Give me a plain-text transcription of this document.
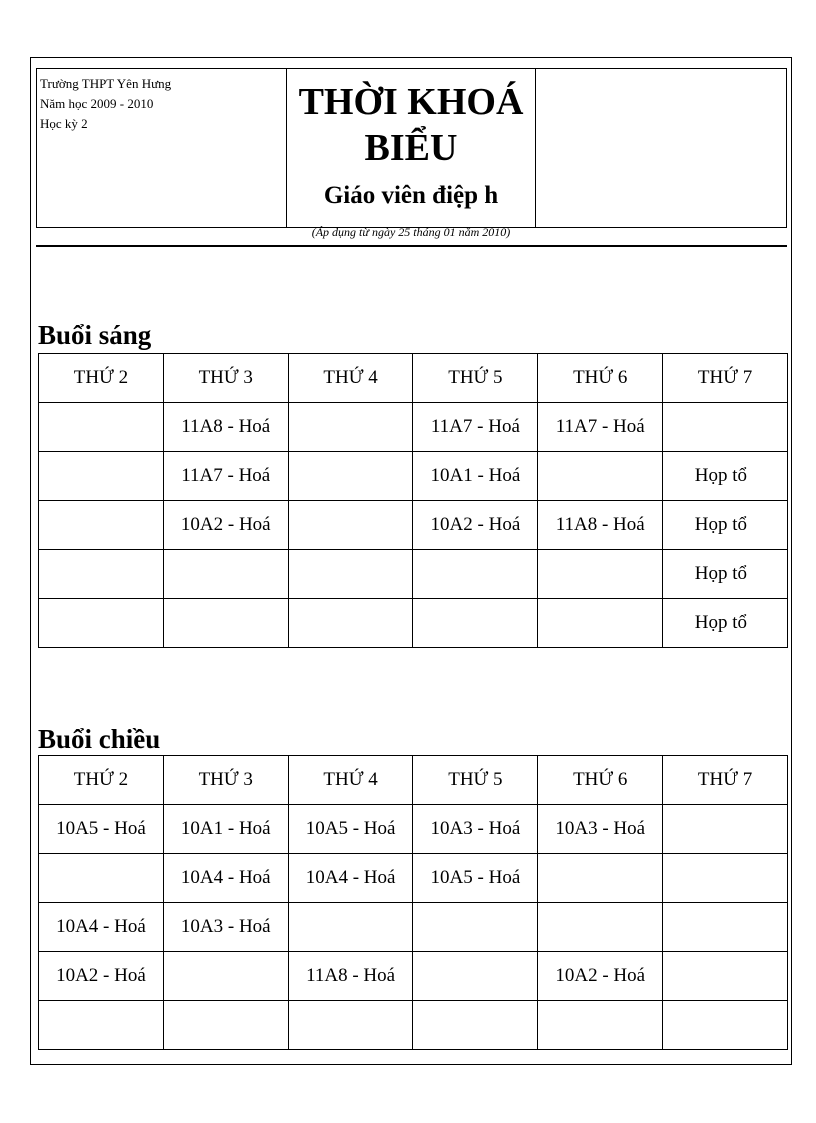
Trường THPT Yên Hưng
Năm học 2009 - 2010
Học kỳ 2
THỜI KHOÁ BIỂU
Giáo viên điệp h
(Áp dụng từ ngày 25 tháng 01 năm 2010)
Buổi sáng
THỨ 2	THỨ 3	THỨ 4	THỨ 5	THỨ 6	THỨ 7
	11A8 - Hoá		11A7 - Hoá	11A7 - Hoá	
	11A7 - Hoá		10A1 - Hoá		Họp tổ
	10A2 - Hoá		10A2 - Hoá	11A8 - Hoá	Họp tổ
					Họp tổ
					Họp tổ
Buổi chiều
THỨ 2	THỨ 3	THỨ 4	THỨ 5	THỨ 6	THỨ 7
10A5 - Hoá	10A1 - Hoá	10A5 - Hoá	10A3 - Hoá	10A3 - Hoá	
	10A4 - Hoá	10A4 - Hoá	10A5 - Hoá		
10A4 - Hoá	10A3 - Hoá				
10A2 - Hoá		11A8 - Hoá		10A2 - Hoá	
